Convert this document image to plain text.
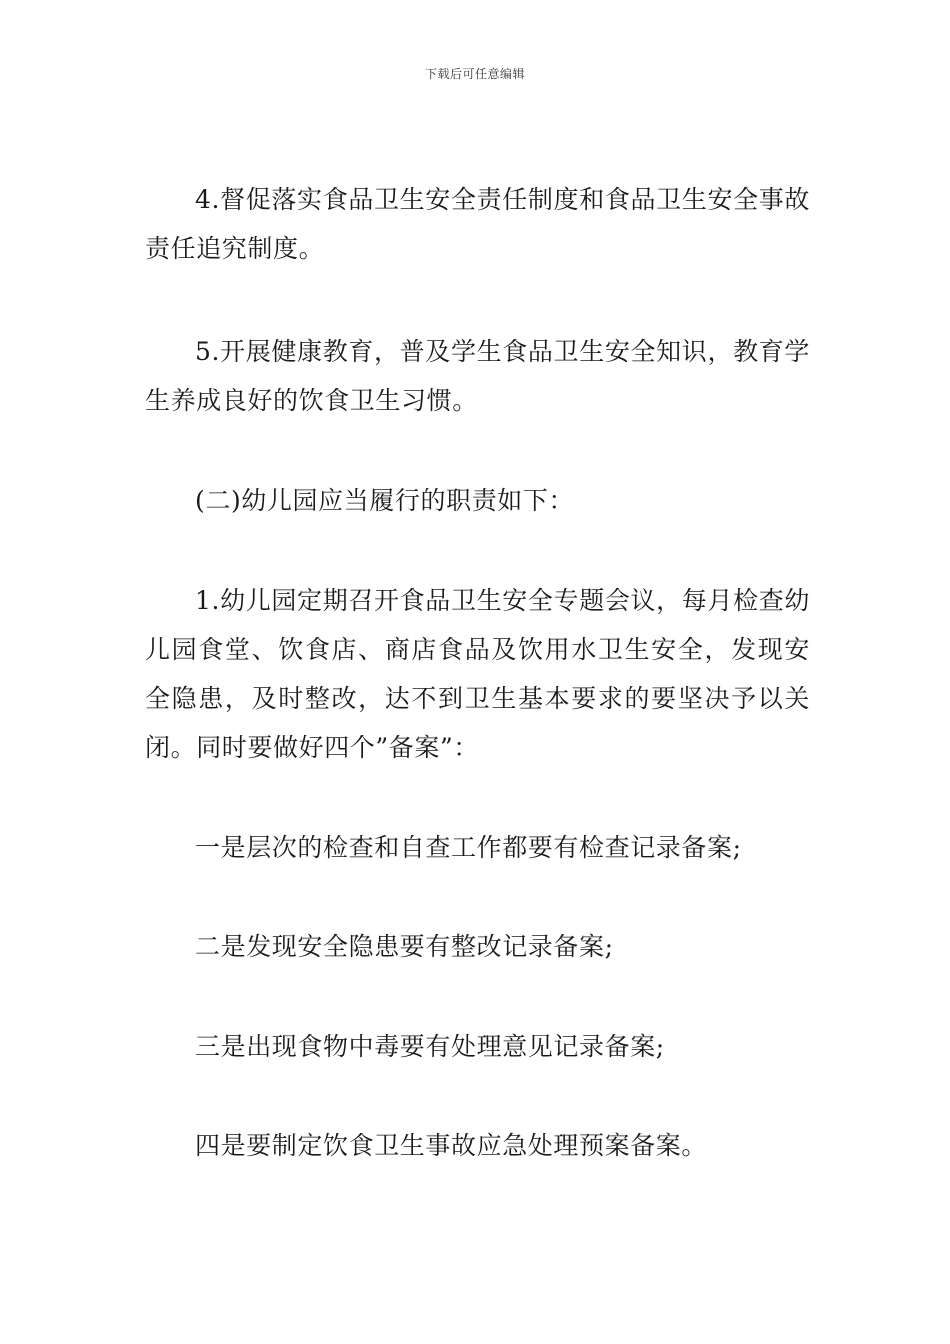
下载后可任意编辑

4.督促落实食品卫生安全责任制度和食品卫生安全事故责任追究制度。

5.开展健康教育，普及学生食品卫生安全知识，教育学生养成良好的饮食卫生习惯。

(二)幼儿园应当履行的职责如下：

1.幼儿园定期召开食品卫生安全专题会议，每月检查幼儿园食堂、饮食店、商店食品及饮用水卫生安全，发现安全隐患，及时整改，达不到卫生基本要求的要坚决予以关闭。同时要做好四个”备案”：

一是层次的检查和自查工作都要有检查记录备案;

二是发现安全隐患要有整改记录备案;

三是出现食物中毒要有处理意见记录备案;

四是要制定饮食卫生事故应急处理预案备案。
